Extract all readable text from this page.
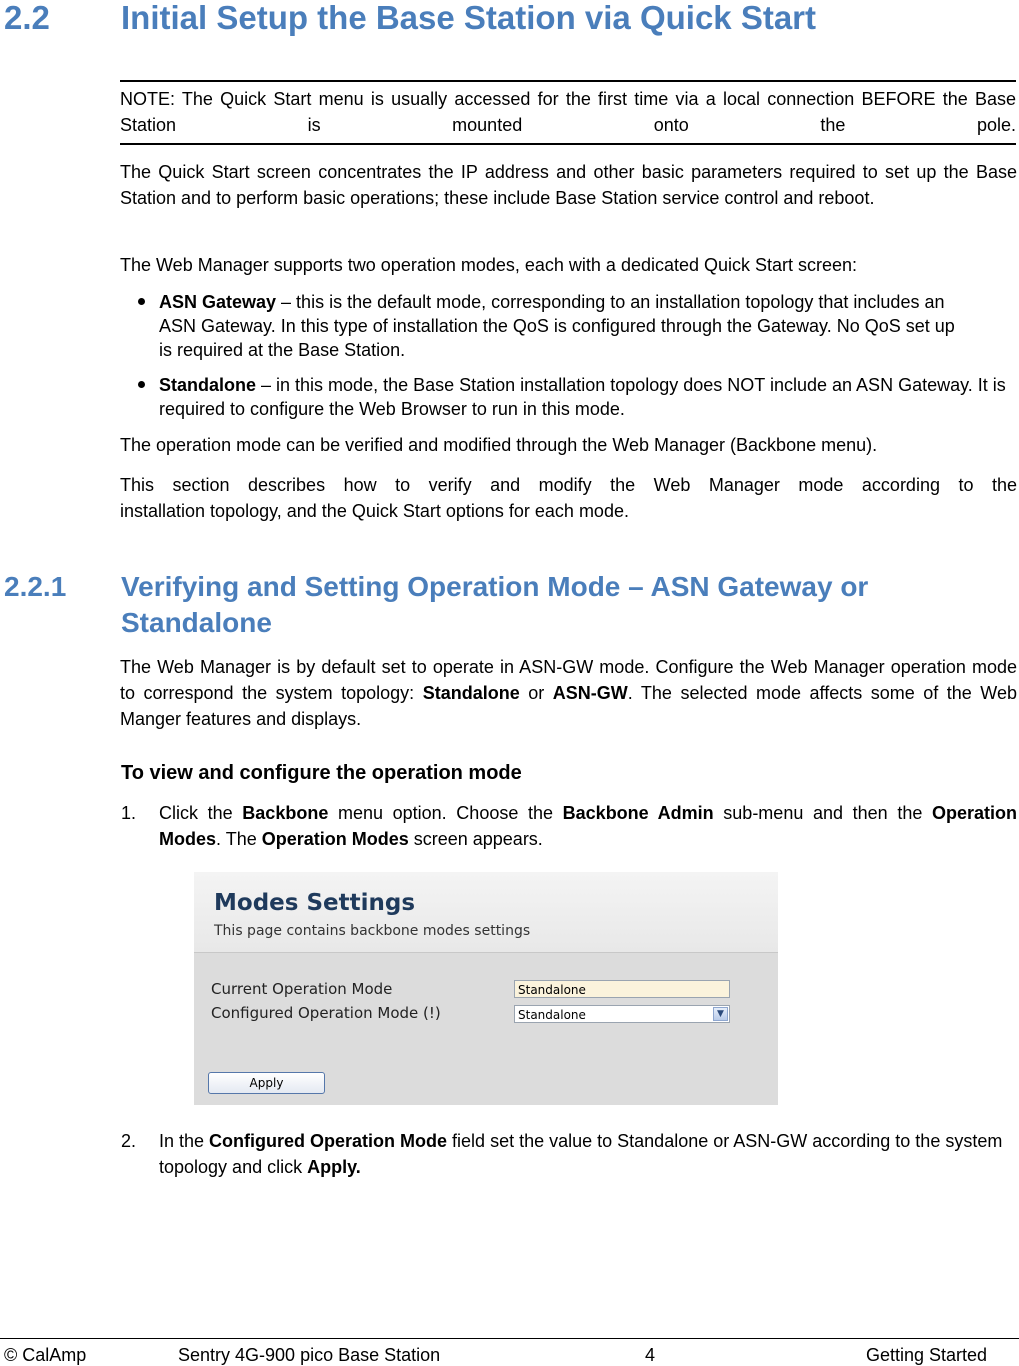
2.2 Initial Setup the Base Station via Quick Start
NOTE: The Quick Start menu is usually accessed for the first time via a local connection BEFORE the Base Station is mounted onto the pole.
The Quick Start screen concentrates the IP address and other basic parameters required to set up the Base Station and to perform basic operations; these include Base Station service control and reboot.
The Web Manager supports two operation modes, each with a dedicated Quick Start screen:
ASN Gateway – this is the default mode, corresponding to an installation topology that includes an ASN Gateway. In this type of installation the QoS is configured through the Gateway. No QoS set up is required at the Base Station.
Standalone – in this mode, the Base Station installation topology does NOT include an ASN Gateway. It is required to configure the Web Browser to run in this mode.
The operation mode can be verified and modified through the Web Manager (Backbone menu).
This section describes how to verify and modify the Web Manager mode according to the
installation topology, and the Quick Start options for each mode.
2.2.1 Verifying and Setting Operation Mode – ASN Gateway or
Standalone
The Web Manager is by default set to operate in ASN-GW mode. Configure the Web Manager operation mode to correspond the system topology: Standalone or ASN-GW. The selected mode affects some of the Web Manger features and displays.
To view and configure the operation mode
1. Click the Backbone menu option. Choose the Backbone Admin sub-menu and then the Operation Modes. The Operation Modes screen appears.
Modes Settings
This page contains backbone modes settings
Current Operation Mode	Standalone
Configured Operation Mode (!)	Standalone	▼
Apply
2. In the Configured Operation Mode field set the value to Standalone or ASN-GW according to the system topology and click Apply.
© CalAmp	Sentry 4G-900 pico Base Station	4	Getting Started
